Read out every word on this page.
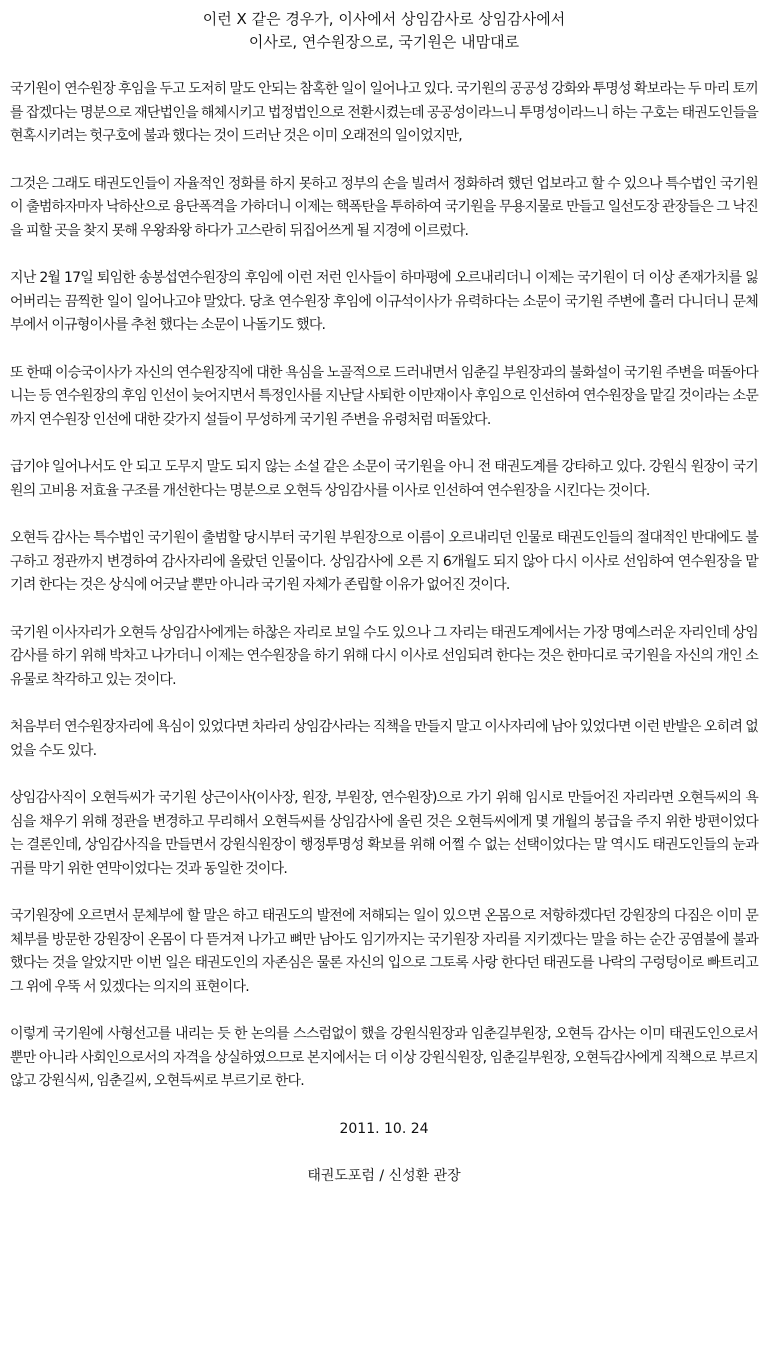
이런 X 같은 경우가, 이사에서 상임감사로 상임감사에서
이사로, 연수원장으로, 국기원은 내맘대로

국기원이 연수원장 후임을 두고 도저히 말도 안되는 참혹한 일이 일어나고 있다. 국기원의 공공성 강화와 투명성 확보라는 두 마리 토끼를 잡겠다는 명분으로 재단법인을 해체시키고 법정법인으로 전환시켰는데 공공성이라느니 투명성이라느니 하는 구호는 태권도인들을 현혹시키려는 헛구호에 불과 했다는 것이 드러난 것은 이미 오래전의 일이었지만,

그것은 그래도 태권도인들이 자율적인 정화를 하지 못하고 정부의 손을 빌려서 정화하려 했던 업보라고 할 수 있으나 특수법인 국기원이 출범하자마자 낙하산으로 융단폭격을 가하더니 이제는 핵폭탄을 투하하여 국기원을 무용지물로 만들고 일선도장 관장들은 그 낙진을 피할 곳을 찾지 못해 우왕좌왕 하다가 고스란히 뒤집어쓰게 될 지경에 이르렀다.

지난 2월 17일 퇴임한 송봉섭연수원장의 후임에 이런 저런 인사들이 하마평에 오르내리더니 이제는 국기원이 더 이상 존재가치를 잃어버리는 끔찍한 일이 일어나고야 말았다. 당초 연수원장 후임에 이규석이사가 유력하다는 소문이 국기원 주변에 흘러 다니더니 문체부에서 이규형이사를 추천 했다는 소문이 나돌기도 했다.

또 한때 이승국이사가 자신의 연수원장직에 대한 욕심을 노골적으로 드러내면서 임춘길 부원장과의 불화설이 국기원 주변을 떠돌아다니는 등 연수원장의 후임 인선이 늦어지면서 특정인사를 지난달 사퇴한 이만재이사 후임으로 인선하여 연수원장을 맡길 것이라는 소문까지 연수원장 인선에 대한 갖가지 설들이 무성하게 국기원 주변을 유령처럼 떠돌았다.

급기야 일어나서도 안 되고 도무지 말도 되지 않는 소설 같은 소문이 국기원을 아니 전 태권도계를 강타하고 있다. 강원식 원장이 국기원의 고비용 저효율 구조를 개선한다는 명분으로 오현득 상임감사를 이사로 인선하여 연수원장을 시킨다는 것이다.

오현득 감사는 특수법인 국기원이 출범할 당시부터 국기원 부원장으로 이름이 오르내리던 인물로 태권도인들의 절대적인 반대에도 불구하고 정관까지 변경하여 감사자리에 올랐던 인물이다. 상임감사에 오른 지 6개월도 되지 않아 다시 이사로 선임하여 연수원장을 맡기려 한다는 것은 상식에 어긋날 뿐만 아니라 국기원 자체가 존립할 이유가 없어진 것이다.

국기원 이사자리가 오현득 상임감사에게는 하찮은 자리로 보일 수도 있으나 그 자리는 태권도계에서는 가장 명예스러운 자리인데 상임감사를 하기 위해 박차고 나가더니 이제는 연수원장을 하기 위해 다시 이사로 선임되려 한다는 것은 한마디로 국기원을 자신의 개인 소유물로 착각하고 있는 것이다.

처음부터 연수원장자리에 욕심이 있었다면 차라리 상임감사라는 직책을 만들지 말고 이사자리에 남아 있었다면 이런 반발은 오히려 없었을 수도 있다.

상임감사직이 오현득씨가 국기원 상근이사(이사장, 원장, 부원장, 연수원장)으로 가기 위해 임시로 만들어진 자리라면 오현득씨의 욕심을 채우기 위해 정관을 변경하고 무리해서 오현득씨를 상임감사에 올린 것은 오현득씨에게 몇 개월의 봉급을 주지 위한 방편이었다는 결론인데, 상임감사직을 만들면서 강원식원장이 행정투명성 확보를 위해 어쩔 수 없는 선택이었다는 말 역시도 태권도인들의 눈과 귀를 막기 위한 연막이었다는 것과 동일한 것이다.

국기원장에 오르면서 문체부에 할 말은 하고 태권도의 발전에 저해되는 일이 있으면 온몸으로 저항하겠다던 강원장의 다짐은 이미 문체부를 방문한 강원장이 온몸이 다 뜯겨져 나가고 뼈만 남아도 임기까지는 국기원장 자리를 지키겠다는 말을 하는 순간 공염불에 불과 했다는 것을 알았지만 이번 일은 태권도인의 자존심은 물론 자신의 입으로 그토록 사랑 한다던 태권도를 나락의 구렁텅이로 빠트리고 그 위에 우뚝 서 있겠다는 의지의 표현이다.

이렇게 국기원에 사형선고를 내리는 듯 한 논의를 스스럼없이 했을 강원식원장과 임춘길부원장, 오현득 감사는 이미 태권도인으로서 뿐만 아니라 사회인으로서의 자격을 상실하였으므로 본지에서는 더 이상 강원식원장, 임춘길부원장, 오현득감사에게 직책으로 부르지 않고 강원식씨, 임춘길씨, 오현득씨로 부르기로 한다.

2011. 10. 24

태권도포럼 / 신성환 관장
